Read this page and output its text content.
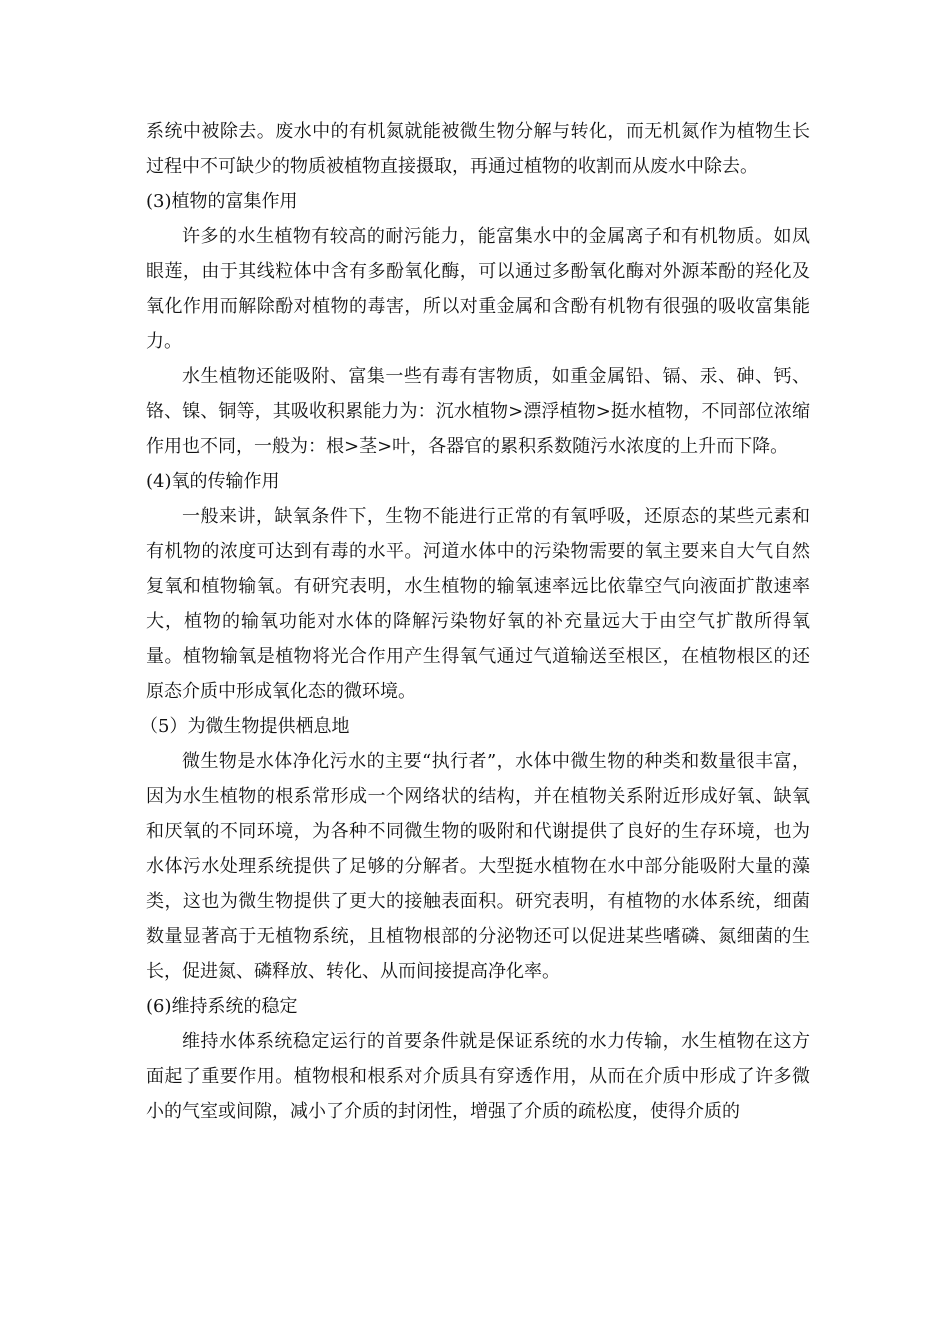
系统中被除去。废水中的有机氮就能被微生物分解与转化，而无机氮作为植物生长过程中不可缺少的物质被植物直接摄取，再通过植物的收割而从废水中除去。

(3)植物的富集作用

许多的水生植物有较高的耐污能力，能富集水中的金属离子和有机物质。如凤眼莲，由于其线粒体中含有多酚氧化酶，可以通过多酚氧化酶对外源苯酚的羟化及氧化作用而解除酚对植物的毒害，所以对重金属和含酚有机物有很强的吸收富集能力。

水生植物还能吸附、富集一些有毒有害物质，如重金属铅、镉、汞、砷、钙、铬、镍、铜等，其吸收积累能力为：沉水植物>漂浮植物>挺水植物，不同部位浓缩作用也不同，一般为：根>茎>叶，各器官的累积系数随污水浓度的上升而下降。

(4)氧的传输作用

一般来讲，缺氧条件下，生物不能进行正常的有氧呼吸，还原态的某些元素和有机物的浓度可达到有毒的水平。河道水体中的污染物需要的氧主要来自大气自然复氧和植物输氧。有研究表明，水生植物的输氧速率远比依靠空气向液面扩散速率大，植物的输氧功能对水体的降解污染物好氧的补充量远大于由空气扩散所得氧量。植物输氧是植物将光合作用产生得氧气通过气道输送至根区，在植物根区的还原态介质中形成氧化态的微环境。

（5）为微生物提供栖息地

微生物是水体净化污水的主要“执行者”，水体中微生物的种类和数量很丰富，因为水生植物的根系常形成一个网络状的结构，并在植物关系附近形成好氧、缺氧和厌氧的不同环境，为各种不同微生物的吸附和代谢提供了良好的生存环境，也为水体污水处理系统提供了足够的分解者。大型挺水植物在水中部分能吸附大量的藻类，这也为微生物提供了更大的接触表面积。研究表明，有植物的水体系统，细菌数量显著高于无植物系统，且植物根部的分泌物还可以促进某些嗜磷、氮细菌的生长，促进氮、磷释放、转化、从而间接提高净化率。

(6)维持系统的稳定

维持水体系统稳定运行的首要条件就是保证系统的水力传输，水生植物在这方面起了重要作用。植物根和根系对介质具有穿透作用，从而在介质中形成了许多微小的气室或间隙，减小了介质的封闭性，增强了介质的疏松度，使得介质的
